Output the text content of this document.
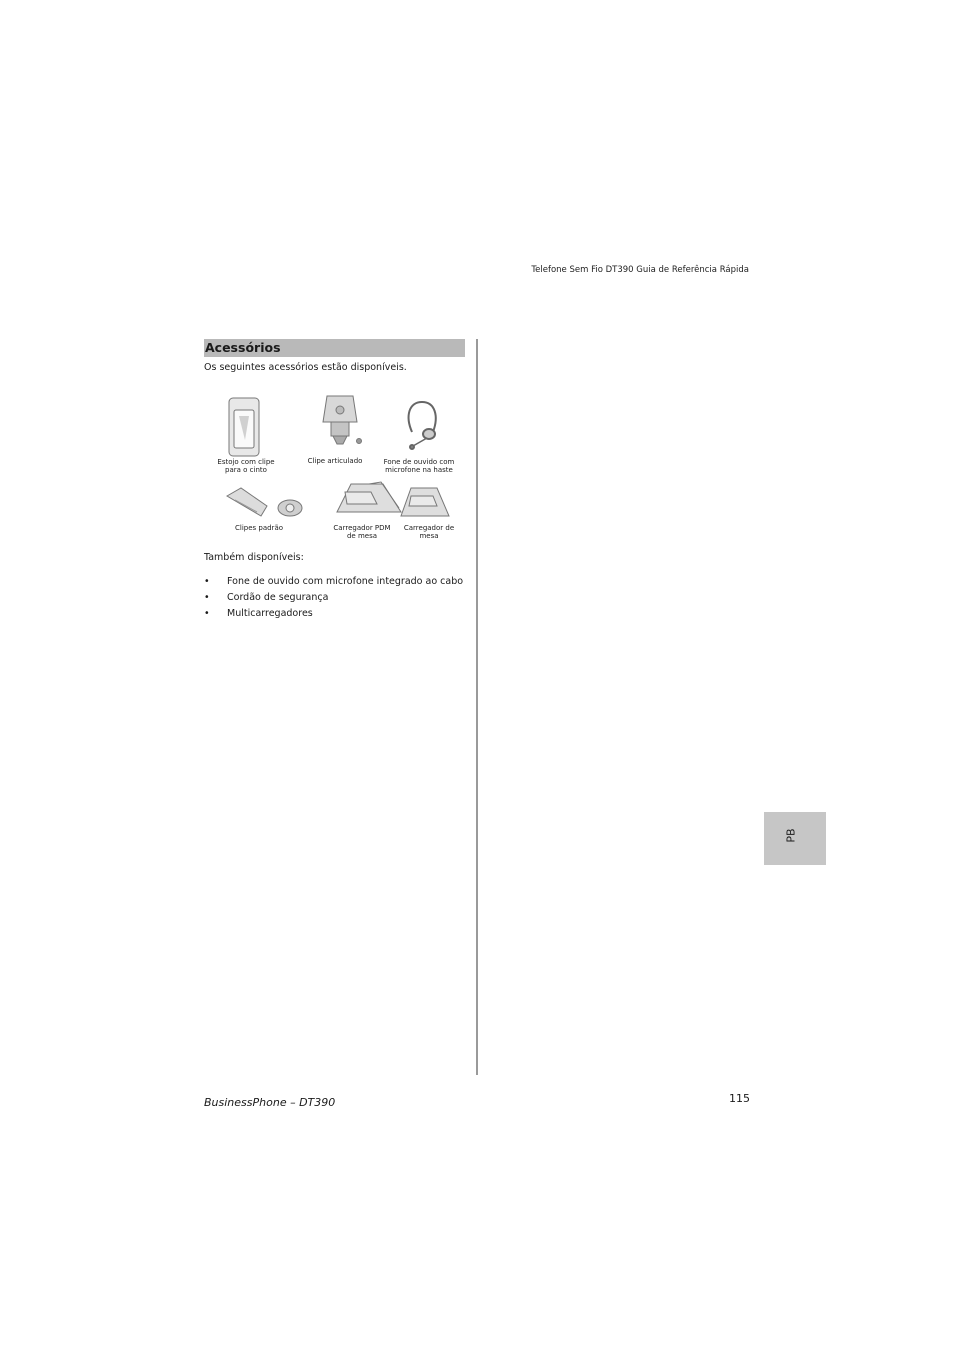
Telefone Sem Fio DT390 Guia de Referência Rápida
Acessórios
Os seguintes acessórios estão disponíveis.
Estojo com clipe para o cinto
Clipe articulado	Fone de ouvido com microfone na haste
Clipes padrão	Carregador PDM de mesa
Carregador de mesa
Também disponíveis:
• Fone de ouvido com microfone integrado ao cabo
• Cordão de segurança
• Multicarregadores
BusinessPhone – DT390	115
PB
